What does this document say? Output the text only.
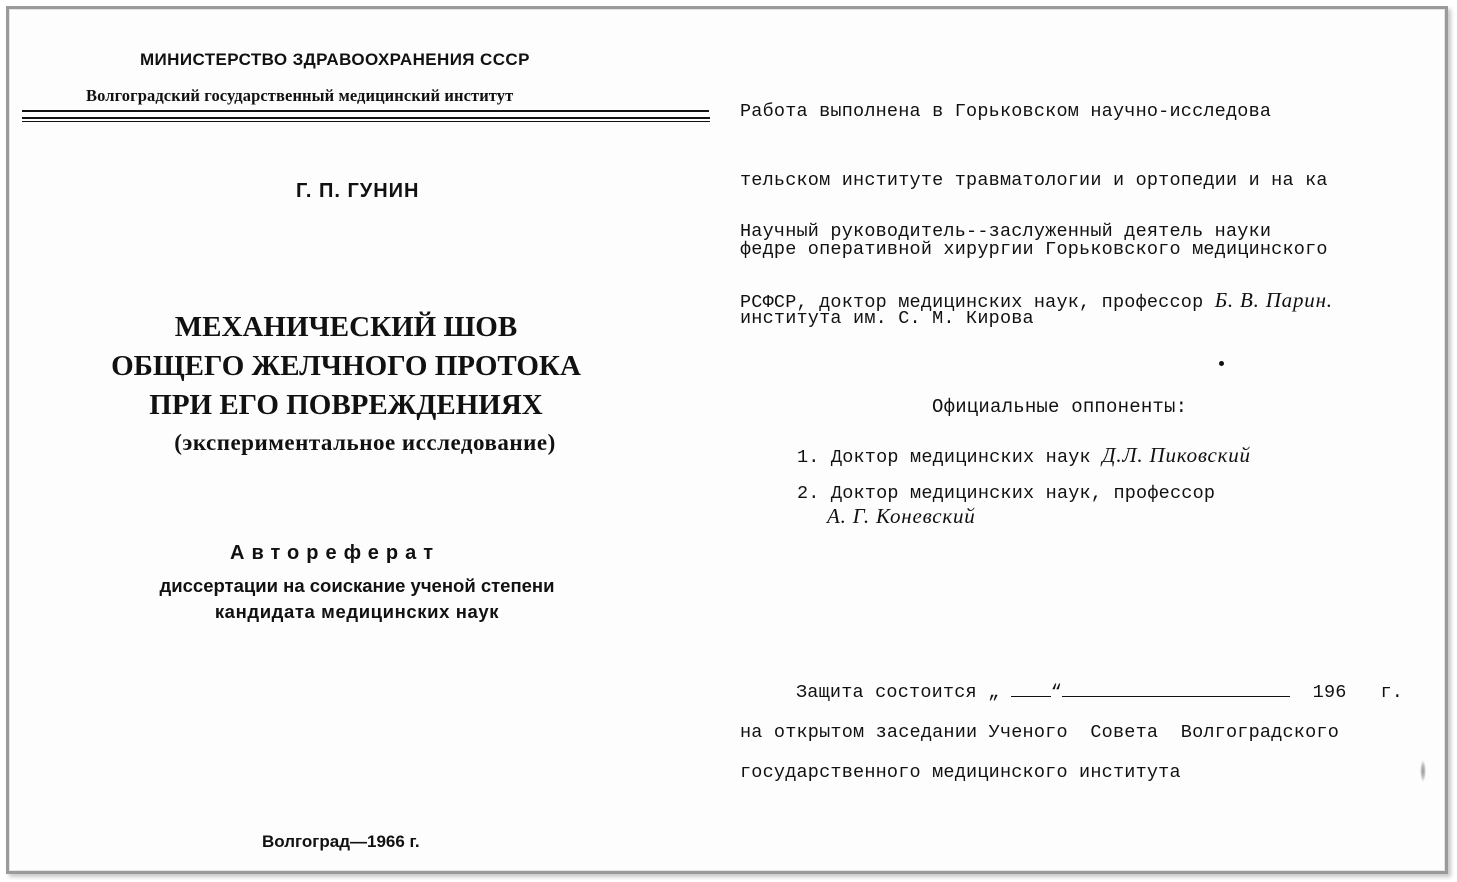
МИНИСТЕРСТВО ЗДРАВООХРАНЕНИЯ СССР
Волгоградский государственный медицинский институт
Г. П. ГУНИН
МЕХАНИЧЕСКИЙ ШОВ
ОБЩЕГО ЖЕЛЧНОГО ПРОТОКА
ПРИ ЕГО ПОВРЕЖДЕНИЯХ
(экспериментальное исследование)
Автореферат
диссертации на соискание ученой степени
кандидата медицинских наук
Волгоград—1966 г.

Работа выполнена в Горьковском научно-исследова

тельском институте травматологии и ортопедии и на ка

федре оперативной хирургии Горьковского медицинского

института им. С. М. Кирова

Научный руководитель--заслуженный деятель науки

РСФСР, доктор медицинских наук, профессор Б. В. Парин.

Официальные оппоненты:
1. Доктор медицинских наук Д.Л. Пиковский
2. Доктор медицинских наук, профессор
А. Г. Коневский
Защита состоится „ “	196 г.
на открытом заседании Ученого  Совета  Волгоградского
государственного медицинского института
